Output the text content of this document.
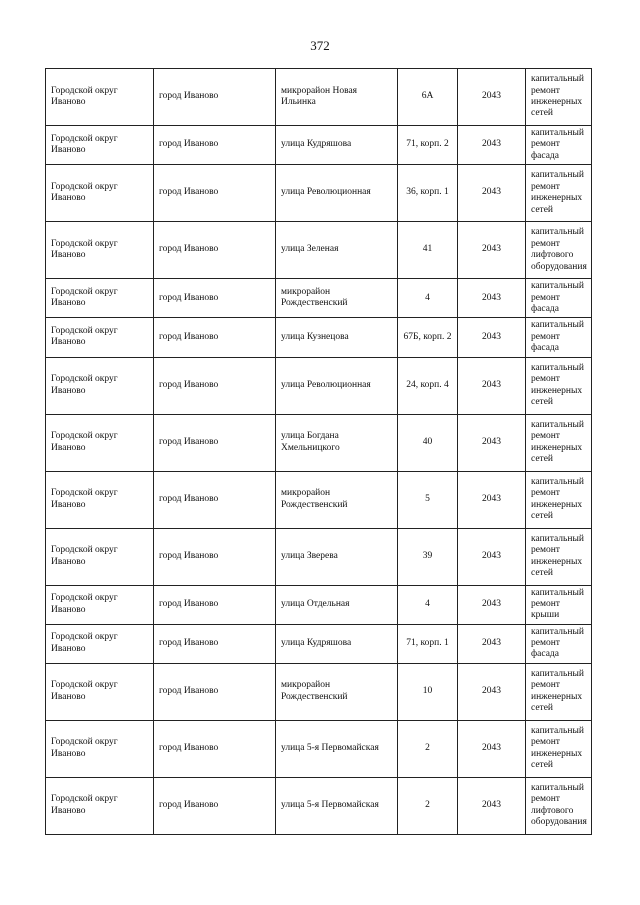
372
Городской округ Иваново	город Иваново	микрорайон Новая Ильинка	6А	2043	капитальный ремонт инженерных сетей
Городской округ Иваново	город Иваново	улица Кудряшова	71, корп. 2	2043	капитальный ремонт фасада
Городской округ Иваново	город Иваново	улица Революционная	36, корп. 1	2043	капитальный ремонт инженерных сетей
Городской округ Иваново	город Иваново	улица Зеленая	41	2043	капитальный ремонт лифтового оборудования
Городской округ Иваново	город Иваново	микрорайон Рождественский	4	2043	капитальный ремонт фасада
Городской округ Иваново	город Иваново	улица Кузнецова	67Б, корп. 2	2043	капитальный ремонт фасада
Городской округ Иваново	город Иваново	улица Революционная	24, корп. 4	2043	капитальный ремонт инженерных сетей
Городской округ Иваново	город Иваново	улица Богдана Хмельницкого	40	2043	капитальный ремонт инженерных сетей
Городской округ Иваново	город Иваново	микрорайон Рождественский	5	2043	капитальный ремонт инженерных сетей
Городской округ Иваново	город Иваново	улица Зверева	39	2043	капитальный ремонт инженерных сетей
Городской округ Иваново	город Иваново	улица Отдельная	4	2043	капитальный ремонт крыши
Городской округ Иваново	город Иваново	улица Кудряшова	71, корп. 1	2043	капитальный ремонт фасада
Городской округ Иваново	город Иваново	микрорайон Рождественский	10	2043	капитальный ремонт инженерных сетей
Городской округ Иваново	город Иваново	улица 5-я Первомайская	2	2043	капитальный ремонт инженерных сетей
Городской округ Иваново	город Иваново	улица 5-я Первомайская	2	2043	капитальный ремонт лифтового оборудования
